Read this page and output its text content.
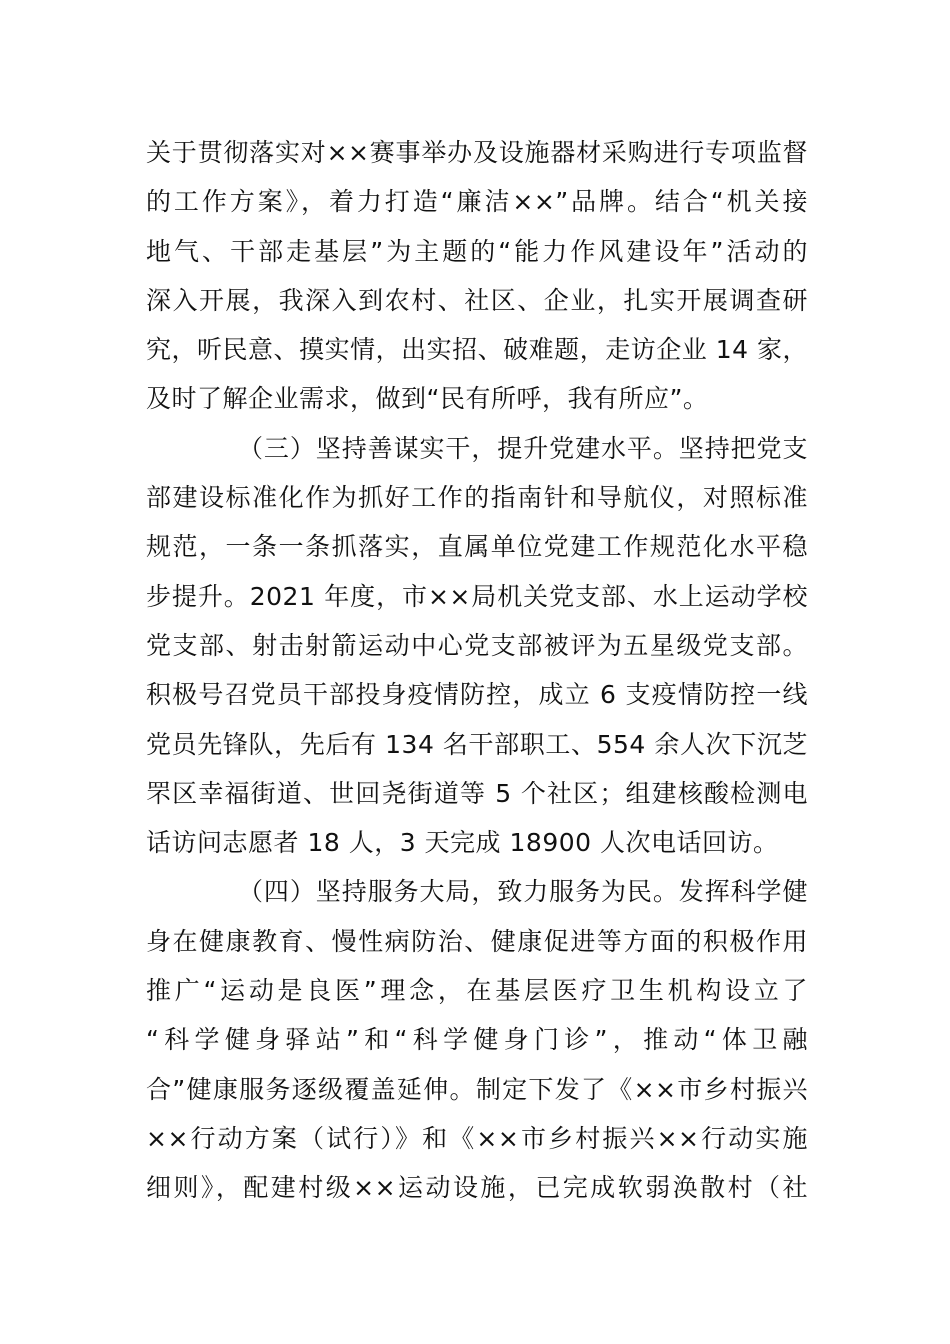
关于贯彻落实对××赛事举办及设施器材采购进行专项监督
的工作方案》，着力打造“廉洁××”品牌。结合“机关接
地气、干部走基层”为主题的“能力作风建设年”活动的
深入开展，我深入到农村、社区、企业，扎实开展调查研
究，听民意、摸实情，出实招、破难题，走访企业 14 家，
及时了解企业需求，做到“民有所呼，我有所应”。
（三）坚持善谋实干，提升党建水平。坚持把党支
部建设标准化作为抓好工作的指南针和导航仪，对照标准
规范，一条一条抓落实，直属单位党建工作规范化水平稳
步提升。2021 年度，市××局机关党支部、水上运动学校
党支部、射击射箭运动中心党支部被评为五星级党支部。
积极号召党员干部投身疫情防控，成立 6 支疫情防控一线
党员先锋队，先后有 134 名干部职工、554 余人次下沉芝
罘区幸福街道、世回尧街道等 5 个社区；组建核酸检测电
话访问志愿者 18 人，3 天完成 18900 人次电话回访。
（四）坚持服务大局，致力服务为民。发挥科学健
身在健康教育、慢性病防治、健康促进等方面的积极作用
推广“运动是良医”理念，在基层医疗卫生机构设立了
“科学健身驿站”和“科学健身门诊”，推动“体卫融
合”健康服务逐级覆盖延伸。制定下发了《××市乡村振兴
××行动方案（试行）》和《××市乡村振兴××行动实施
细则》，配建村级××运动设施，已完成软弱涣散村（社
